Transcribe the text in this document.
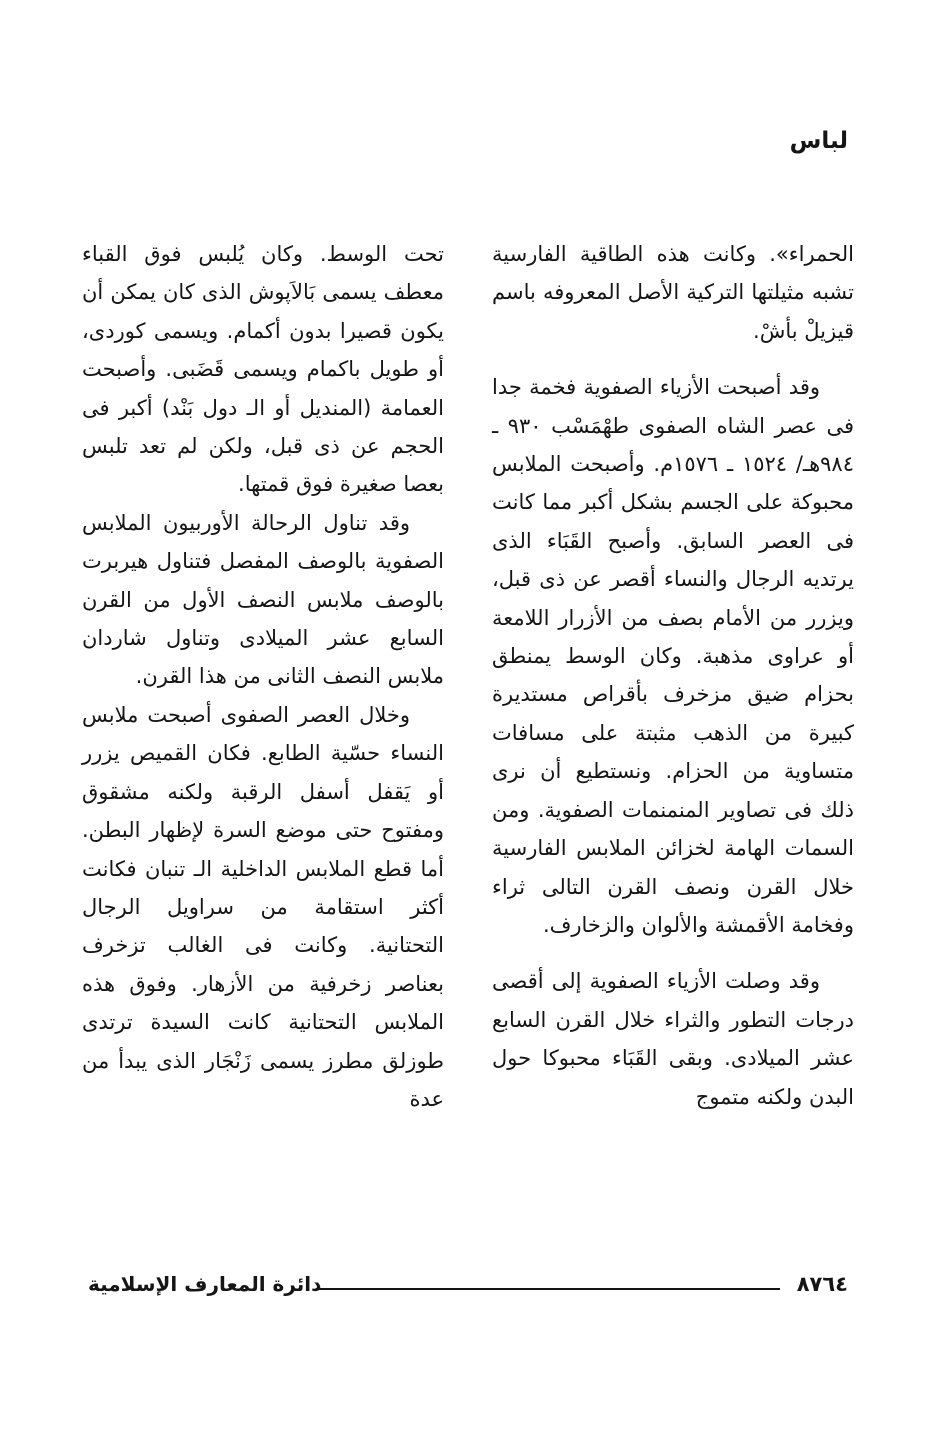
لباس

الحمراء». وكانت هذه الطاقية الفارسية تشبه مثيلتها التركية الأصل المعروفه باسم قيزيلْ بأشْ.

وقد أصبحت الأزياء الصفوية فخمة جدا فى عصر الشاه الصفوى طهْمَسْب ٩٣٠ ـ ٩٨٤هـ/ ١٥٢٤ ـ ١٥٧٦م. وأصبحت الملابس محبوكة على الجسم بشكل أكبر مما كانت فى العصر السابق. وأصبح القَبَاء الذى يرتديه الرجال والنساء أقصر عن ذى قبل، ويزرر من الأمام بصف من الأزرار اللامعة أو عراوى مذهبة. وكان الوسط يمنطق بحزام ضيق مزخرف بأقراص مستديرة كبيرة من الذهب مثبتة على مسافات متساوية من الحزام. ونستطيع أن نرى ذلك فى تصاوير المنمنمات الصفوية. ومن السمات الهامة لخزائن الملابس الفارسية خلال القرن ونصف القرن التالى ثراء وفخامة الأقمشة والألوان والزخارف.

وقد وصلت الأزياء الصفوية إلى أقصى درجات التطور والثراء خلال القرن السابع عشر الميلادى. وبقى القَبَاء محبوكا حول البدن ولكنه متموج

تحت الوسط. وكان يُلبس فوق القباء معطف يسمى بَالاَپوش الذى كان يمكن أن يكون قصيرا بدون أكمام. ويسمى كوردى، أو طويل باكمام ويسمى قَضَبى. وأصبحت العمامة (المنديل أو الـ دول بَنْد) أكبر فى الحجم عن ذى قبل، ولكن لم تعد تلبس بعصا صغيرة فوق قمتها.

وقد تناول الرحالة الأوربيون الملابس الصفوية بالوصف المفصل فتناول هيربرت بالوصف ملابس النصف الأول من القرن السابع عشر الميلادى وتناول شاردان ملابس النصف الثانى من هذا القرن.

وخلال العصر الصفوى أصبحت ملابس النساء حسّية الطابع. فكان القميص يزرر أو يَقفل أسفل الرقبة ولكنه مشقوق ومفتوح حتى موضع السرة لإظهار البطن. أما قطع الملابس الداخلية الـ تنبان فكانت أكثر استقامة من سراويل الرجال التحتانية. وكانت فى الغالب تزخرف بعناصر زخرفية من الأزهار. وفوق هذه الملابس التحتانية كانت السيدة ترتدى طوزلق مطرز يسمى زَنْجَار الذى يبدأ من عدة

٨٧٦٤
دائرة المعارف الإسلامية
